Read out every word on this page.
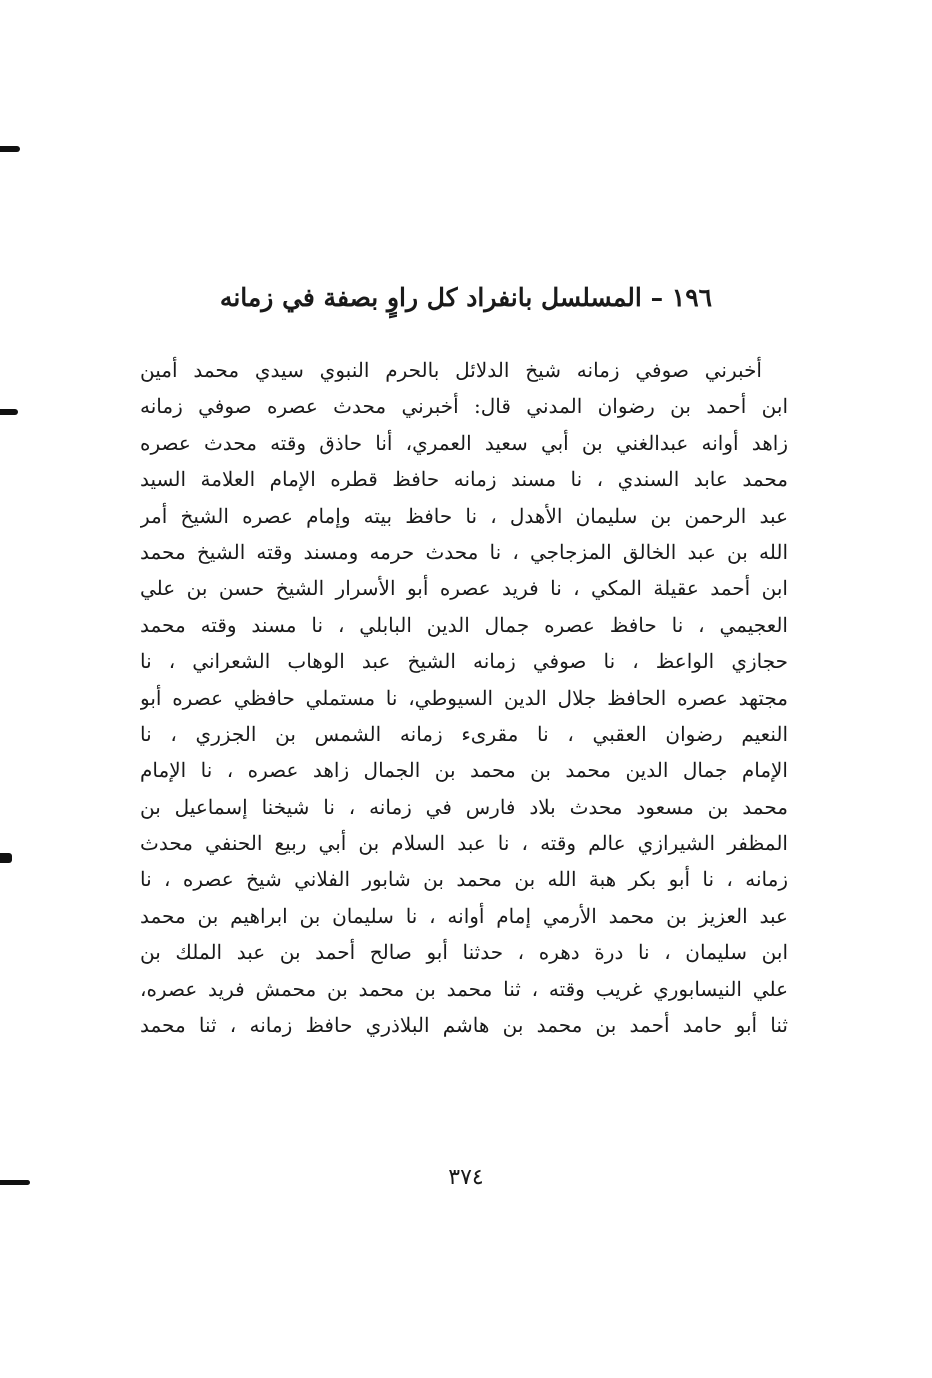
١٩٦ – المسلسل بانفراد كل راوٍ بصفة في زمانه
أخبرني صوفي زمانه شيخ الدلائل بالحرم النبوي سيدي محمد أمين
ابن أحمد بن رضوان المدني قال: أخبرني محدث عصره صوفي زمانه
زاهد أوانه عبدالغني بن أبي سعيد العمري، أنا حاذق وقته محدث عصره
محمد عابد السندي ، نا مسند زمانه حافظ قطره الإمام العلامة السيد
عبد الرحمن بن سليمان الأهدل ، نا حافظ بيته وإمام عصره الشيخ أمر
الله بن عبد الخالق المزجاجي ، نا محدث حرمه ومسند وقته الشيخ محمد
ابن أحمد عقيلة المكي ، نا فريد عصره أبو الأسرار الشيخ حسن بن علي
العجيمي ، نا حافظ عصره جمال الدين البابلي ، نا مسند وقته محمد
حجازي الواعظ ، نا صوفي زمانه الشيخ عبد الوهاب الشعراني ، نا
مجتهد عصره الحافظ جلال الدين السيوطي، نا مستملي حافظي عصره أبو
النعيم رضوان العقبي ، نا مقرىء زمانه الشمس بن الجزري ، نا
الإمام جمال الدين محمد بن محمد بن الجمال زاهد عصره ، نا الإمام
محمد بن مسعود محدث بلاد فارس في زمانه ، نا شيخنا إسماعيل بن
المظفر الشيرازي عالم وقته ، نا عبد السلام بن أبي ربيع الحنفي محدث
زمانه ، نا أبو بكر هبة الله بن محمد بن شابور الفلاني شيخ عصره ، نا
عبد العزيز بن محمد الأرمي إمام أوانه ، نا سليمان بن ابراهيم بن محمد
ابن سليمان ، نا درة دهره ، حدثنا أبو صالح أحمد بن عبد الملك بن
علي النيسابوري غريب وقته ، ثنا محمد بن محمد بن محمش فريد عصره،
ثنا أبو حامد أحمد بن محمد بن هاشم البلاذري حافظ زمانه ، ثنا محمد
٣٧٤
